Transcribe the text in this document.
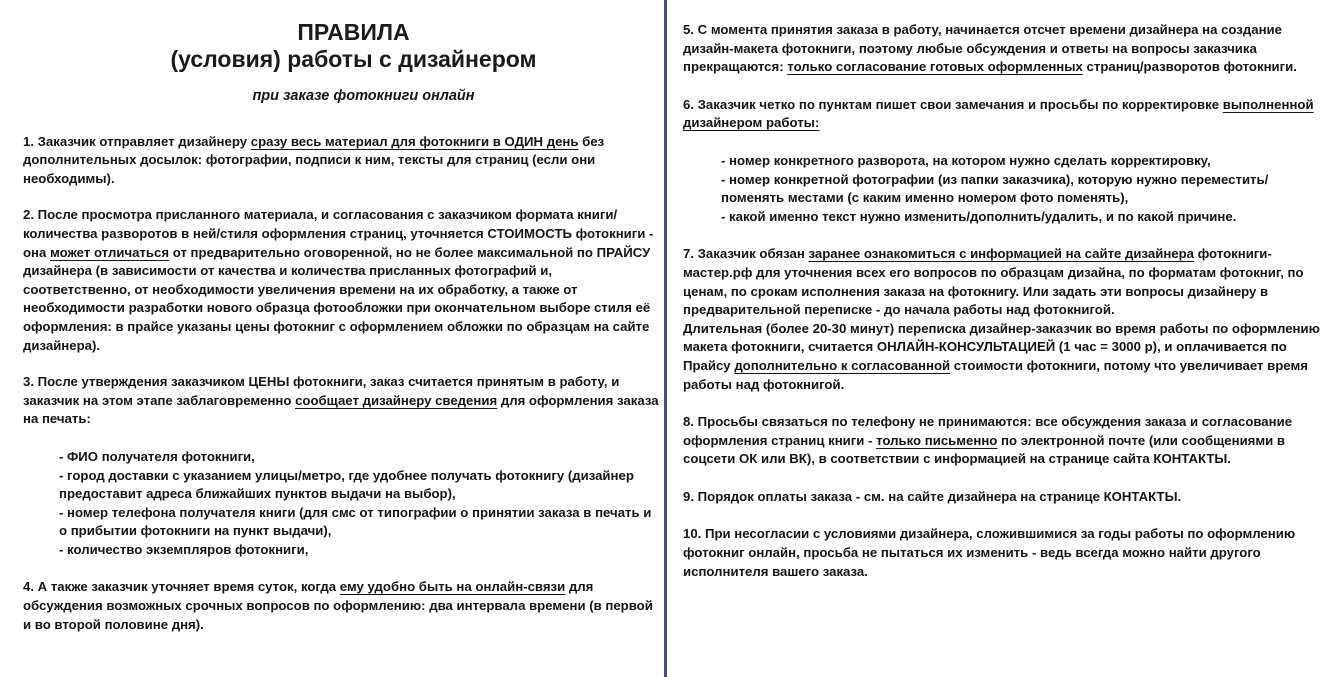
ПРАВИЛА
(условия) работы с дизайнером
при заказе фотокниги онлайн
1. Заказчик отправляет дизайнеру сразу весь материал для фотокниги в ОДИН день без дополнительных досылок: фотографии, подписи к ним, тексты для страниц (если они необходимы).
2. После просмотра присланного материала, и согласования с заказчиком формата книги/количества разворотов в ней/стиля оформления страниц, уточняется СТОИМОСТЬ фотокниги - она может отличаться от предварительно оговоренной, но не более максимальной по ПРАЙСУ дизайнера (в зависимости от качества и количества присланных фотографий и, соответственно, от необходимости увеличения времени на их обработку, а также от необходимости разработки нового образца фотообложки при окончательном выборе стиля её оформления: в прайсе указаны цены фотокниг с оформлением обложки по образцам на сайте дизайнера).
3. После утверждения заказчиком ЦЕНЫ фотокниги, заказ считается принятым в работу, и заказчик на этом этапе заблаговременно сообщает дизайнеру сведения для оформления заказа на печать:
- ФИО получателя фотокниги,
- город доставки с указанием улицы/метро, где удобнее получать фотокнигу (дизайнер предоставит адреса ближайших пунктов выдачи на выбор),
- номер телефона получателя книги (для смс от типографии о принятии заказа в печать и о прибытии фотокниги на пункт выдачи),
- количество экземпляров фотокниги,
4. А также заказчик уточняет время суток, когда ему удобно быть на онлайн-связи для обсуждения возможных срочных вопросов по оформлению: два интервала времени (в первой и во второй половине дня).
5. С момента принятия заказа в работу, начинается отсчет времени дизайнера на создание дизайн-макета фотокниги, поэтому любые обсуждения и ответы на вопросы заказчика прекращаются: только согласование готовых оформленных страниц/разворотов фотокниги.
6. Заказчик четко по пунктам пишет свои замечания и просьбы по корректировке выполненной дизайнером работы:
- номер конкретного разворота, на котором нужно сделать корректировку,
- номер конкретной фотографии (из папки заказчика), которую нужно переместить/поменять местами (с каким именно номером фото поменять),
- какой именно текст нужно изменить/дополнить/удалить, и по какой причине.
7. Заказчик обязан заранее ознакомиться с информацией на сайте дизайнера фотокниги-мастер.рф для уточнения всех его вопросов по образцам дизайна, по форматам фотокниг, по ценам, по срокам исполнения заказа на фотокнигу. Или задать эти вопросы дизайнеру в предварительной переписке - до начала работы над фотокнигой.
Длительная (более 20-30 минут) переписка дизайнер-заказчик во время работы по оформлению макета фотокниги, считается ОНЛАЙН-КОНСУЛЬТАЦИЕЙ (1 час = 3000 р), и оплачивается по Прайсу дополнительно к согласованной стоимости фотокниги, потому что увеличивает время работы над фотокнигой.
8. Просьбы связаться по телефону не принимаются: все обсуждения заказа и согласование оформления страниц книги - только письменно по электронной почте (или сообщениями в соцсети ОК или ВК), в соответствии с информацией на странице сайта КОНТАКТЫ.
9. Порядок оплаты заказа - см. на сайте дизайнера на странице КОНТАКТЫ.
10. При несогласии с условиями дизайнера, сложившимися за годы работы по оформлению фотокниг онлайн, просьба не пытаться их изменить - ведь всегда можно найти другого исполнителя вашего заказа.
